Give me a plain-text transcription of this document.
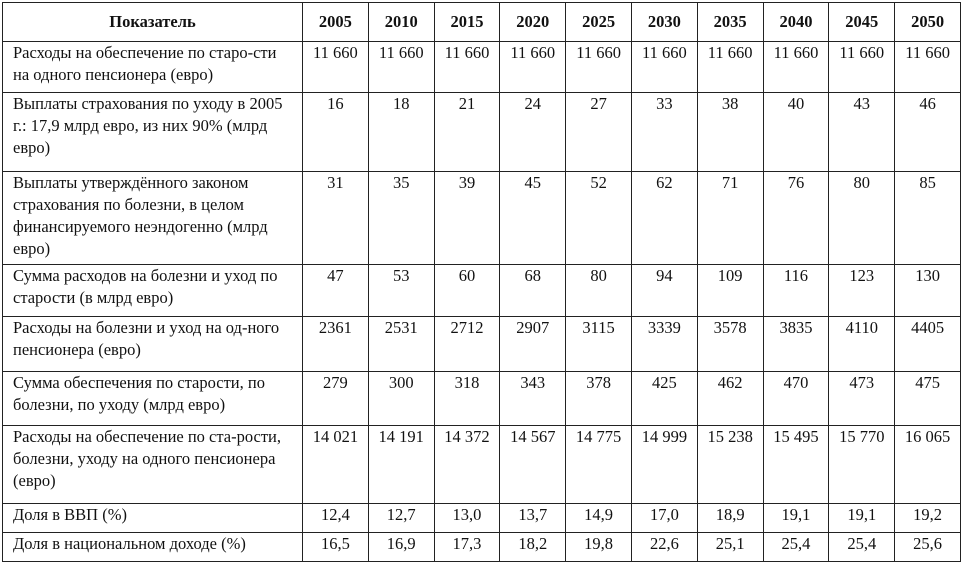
Показатель	2005	2010	2015	2020	2025	2030	2035	2040	2045	2050
Расходы на обеспечение по старо-сти на одного пенсионера (евро)	11 660	11 660	11 660	11 660	11 660	11 660	11 660	11 660	11 660	11 660
Выплаты страхования по уходу в 2005 г.: 17,9 млрд евро, из них 90% (млрд евро)	16	18	21	24	27	33	38	40	43	46
Выплаты утверждённого законом страхования по болезни, в целом финансируемого неэндогенно (млрд евро)	31	35	39	45	52	62	71	76	80	85
Сумма расходов на болезни и уход по старости (в млрд евро)	47	53	60	68	80	94	109	116	123	130
Расходы на болезни и уход на од-ного пенсионера (евро)	2361	2531	2712	2907	3115	3339	3578	3835	4110	4405
Сумма обеспечения по старости, по болезни, по уходу (млрд евро)	279	300	318	343	378	425	462	470	473	475
Расходы на обеспечение по ста-рости, болезни, уходу на одного пенсионера (евро)	14 021	14 191	14 372	14 567	14 775	14 999	15 238	15 495	15 770	16 065
Доля в ВВП (%)	12,4	12,7	13,0	13,7	14,9	17,0	18,9	19,1	19,1	19,2
Доля в национальном доходе (%)	16,5	16,9	17,3	18,2	19,8	22,6	25,1	25,4	25,4	25,6
